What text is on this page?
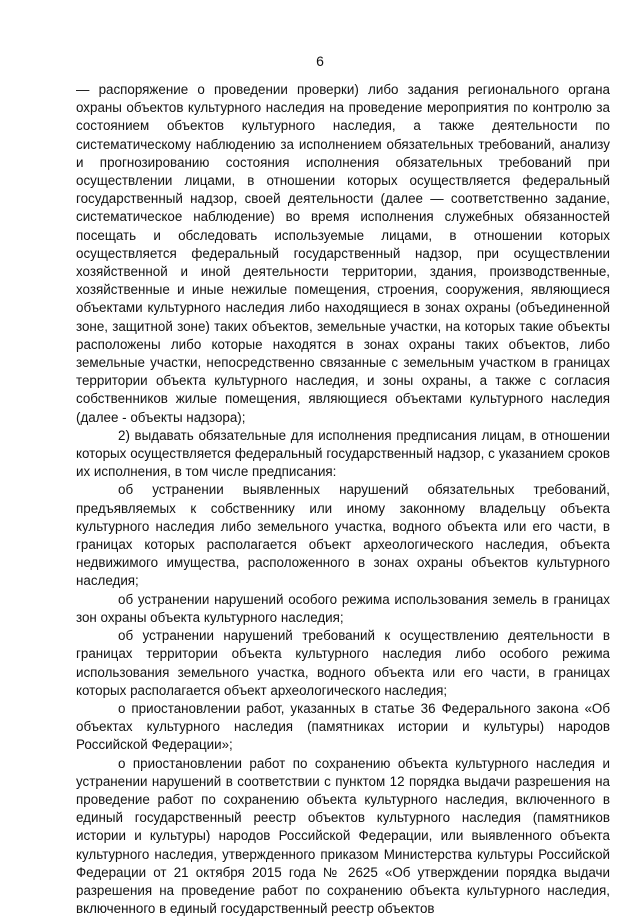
6

— распоряжение о проведении проверки) либо задания регионального органа охраны объектов культурного наследия на проведение мероприятия по контролю за состоянием объектов культурного наследия, а также деятельности по систематическому наблюдению за исполнением обязательных требований, анализу и прогнозированию состояния исполнения обязательных требований при осуществлении лицами, в отношении которых осуществляется федеральный государственный надзор, своей деятельности (далее — соответственно задание, систематическое наблюдение) во время исполнения служебных обязанностей посещать и обследовать используемые лицами, в отношении которых осуществляется федеральный государственный надзор, при осуществлении хозяйственной и иной деятельности территории, здания, производственные, хозяйственные и иные нежилые помещения, строения, сооружения, являющиеся объектами культурного наследия либо находящиеся в зонах охраны (объединенной зоне, защитной зоне) таких объектов, земельные участки, на которых такие объекты расположены либо которые находятся в зонах охраны таких объектов, либо земельные участки, непосредственно связанные с земельным участком в границах территории объекта культурного наследия, и зоны охраны, а также с согласия собственников жилые помещения, являющиеся объектами культурного наследия (далее - объекты надзора);

2) выдавать обязательные для исполнения предписания лицам, в отношении которых осуществляется федеральный государственный надзор, с указанием сроков их исполнения, в том числе предписания:

об устранении выявленных нарушений обязательных требований, предъявляемых к собственнику или иному законному владельцу объекта культурного наследия либо земельного участка, водного объекта или его части, в границах которых располагается объект археологического наследия, объекта недвижимого имущества, расположенного в зонах охраны объектов культурного наследия;

об устранении нарушений особого режима использования земель в границах зон охраны объекта культурного наследия;

об устранении нарушений требований к осуществлению деятельности в границах территории объекта культурного наследия либо особого режима использования земельного участка, водного объекта или его части, в границах которых располагается объект археологического наследия;

о приостановлении работ, указанных в статье 36 Федерального закона «Об объектах культурного наследия (памятниках истории и культуры) народов Российской Федерации»;

о приостановлении работ по сохранению объекта культурного наследия и устранении нарушений в соответствии с пунктом 12 порядка выдачи разрешения на проведение работ по сохранению объекта культурного наследия, включенного в единый государственный реестр объектов культурного наследия (памятников истории и культуры) народов Российской Федерации, или выявленного объекта культурного наследия, утвержденного приказом Министерства культуры Российской Федерации от 21 октября 2015 года № 2625 «Об утверждении порядка выдачи разрешения на проведение работ по сохранению объекта культурного наследия, включенного в единый государственный реестр объектов
